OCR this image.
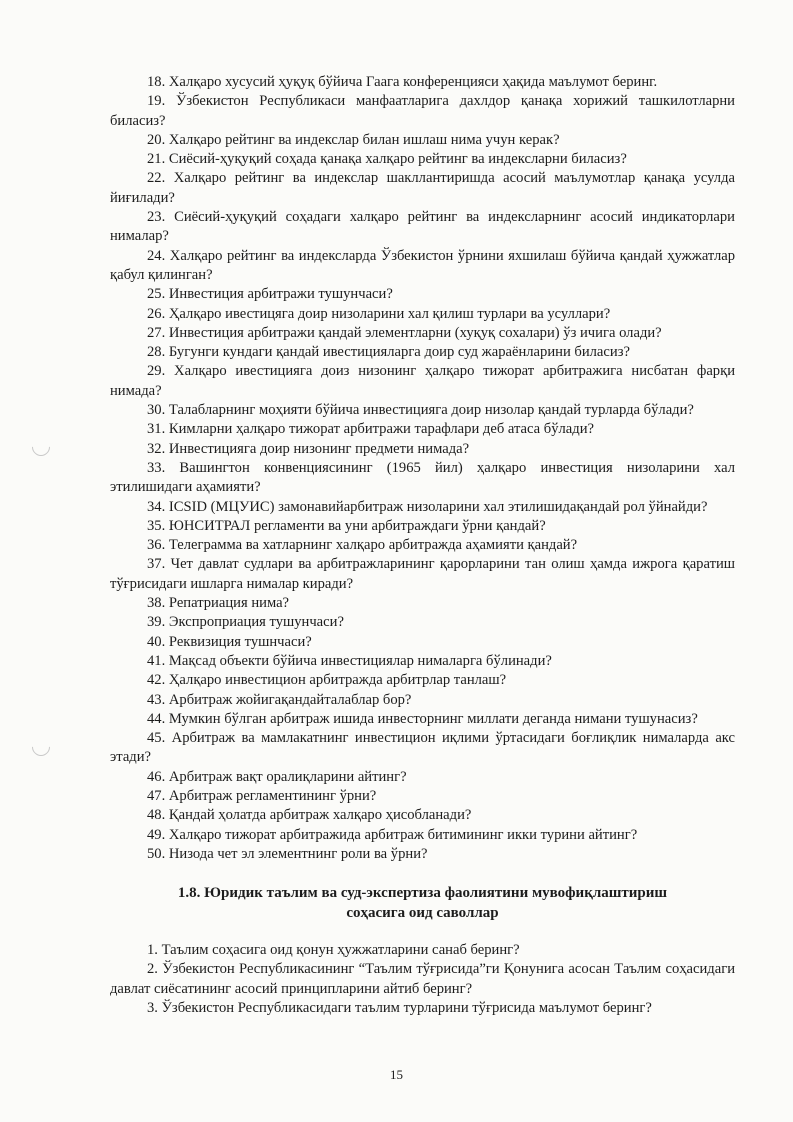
18. Халқаро хусусий ҳуқуқ бўйича Гаага конференцияси ҳақида маълумот беринг.

19. Ўзбекистон Республикаси манфаатларига дахлдор қанақа хорижий ташкилотларни биласиз?

20. Халқаро рейтинг ва индекслар билан ишлаш нима учун керак?

21. Сиёсий-ҳуқуқий соҳада қанақа халқаро рейтинг ва индексларни биласиз?

22. Халқаро рейтинг ва индекслар шакллантиришда асосий маълумотлар қанақа усулда йиғилади?

23. Сиёсий-ҳуқуқий соҳадаги халқаро рейтинг ва индексларнинг асосий индикаторлари нималар?

24. Халқаро рейтинг ва индексларда Ўзбекистон ўрнини яхшилаш бўйича қандай ҳужжатлар қабул қилинган?

25. Инвестиция арбитражи тушунчаси?

26. Ҳалқаро ивестицяга доир низоларини хал қилиш турлари ва усуллари?

27. Инвестиция арбитражи қандай элементларни (хуқуқ сохалари) ўз ичига олади?

28. Бугунги кундаги қандай ивестицияларга доир суд жараёнларини биласиз?

29. Халқаро ивестицияга доиз низонинг ҳалқаро тижорат арбитражига нисбатан фарқи нимада?

30. Талабларнинг моҳияти бўйича инвестицияга доир низолар қандай турларда бўлади?

31. Кимларни ҳалқаро тижорат арбитражи тарафлари деб атаса бўлади?

32. Инвестицияга доир низонинг предмети нимада?

33. Вашингтон конвенциясининг (1965 йил) ҳалқаро инвестиция низоларини хал этилишидаги аҳамияти?

34. ICSID (МЦУИС) замонавийарбитраж низоларини хал этилишидақандай рол ўйнайди?

35. ЮНСИТРАЛ регламенти ва уни арбитраждаги ўрни қандай?

36. Телеграмма ва хатларнинг халқаро арбитражда аҳамияти қандай?

37. Чет давлат судлари ва арбитражларининг қарорларини тан олиш ҳамда ижрога қаратиш тўғрисидаги ишларга нималар киради?

38. Репатриация нима?

39. Экспроприация тушунчаси?

40. Реквизиция тушнчаси?

41. Мақсад объекти бўйича инвестициялар нималарга бўлинади?

42. Ҳалқаро инвестицион арбитражда арбитрлар танлаш?

43. Арбитраж жойигақандайталаблар бор?

44. Мумкин бўлган арбитраж ишида инвесторнинг миллати деганда нимани тушунасиз?

45. Арбитраж ва мамлакатнинг инвестицион иқлими ўртасидаги боғлиқлик нималарда акс этади?

46. Арбитраж вақт оралиқларини айтинг?

47. Арбитраж регламентининг ўрни?

48. Қандай ҳолатда арбитраж халқаро ҳисобланади?

49. Халқаро тижорат арбитражида арбитраж битимининг икки турини айтинг?

50. Низода чет эл элементнинг роли ва ўрни?

1.8. Юридик таълим ва суд-экспертиза фаолиятини мувофиқлаштириш
соҳасига оид саволлар

1. Таълим соҳасига оид қонун ҳужжатларини санаб беринг?

2. Ўзбекистон Республикасининг “Таълим тўғрисида”ги Қонунига асосан Таълим соҳасидаги давлат сиёсатининг асосий принципларини айтиб беринг?

3. Ўзбекистон Республикасидаги таълим турларини тўғрисида маълумот беринг?

15
